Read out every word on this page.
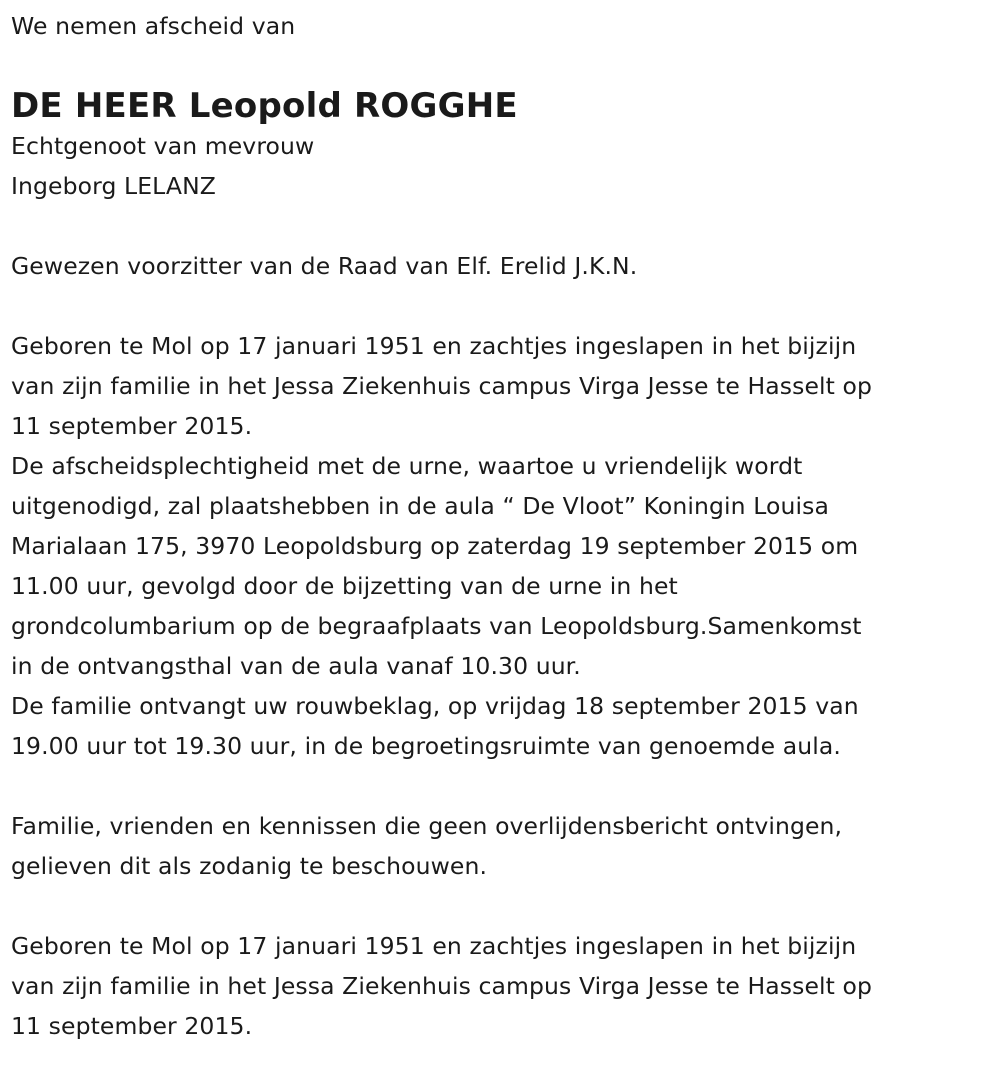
We nemen afscheid van
DE HEER Leopold ROGGHE
Echtgenoot van mevrouw
Ingeborg LELANZ
Gewezen voorzitter van de Raad van Elf. Erelid J.K.N.
Geboren te Mol op 17 januari 1951 en zachtjes ingeslapen in het bijzijn
van zijn familie in het Jessa Ziekenhuis campus Virga Jesse te Hasselt op
11 september 2015.
De afscheidsplechtigheid met de urne, waartoe u vriendelijk wordt
uitgenodigd, zal plaatshebben in de aula “ De Vloot” Koningin Louisa
Marialaan 175, 3970 Leopoldsburg op zaterdag 19 september 2015 om
11.00 uur, gevolgd door de bijzetting van de urne in het
grondcolumbarium op de begraafplaats van Leopoldsburg.Samenkomst
in de ontvangsthal van de aula vanaf 10.30 uur.
De familie ontvangt uw rouwbeklag, op vrijdag 18 september 2015 van
19.00 uur tot 19.30 uur, in de begroetingsruimte van genoemde aula.
Familie, vrienden en kennissen die geen overlijdensbericht ontvingen,
gelieven dit als zodanig te beschouwen.
Geboren te Mol op 17 januari 1951 en zachtjes ingeslapen in het bijzijn
van zijn familie in het Jessa Ziekenhuis campus Virga Jesse te Hasselt op
11 september 2015.
